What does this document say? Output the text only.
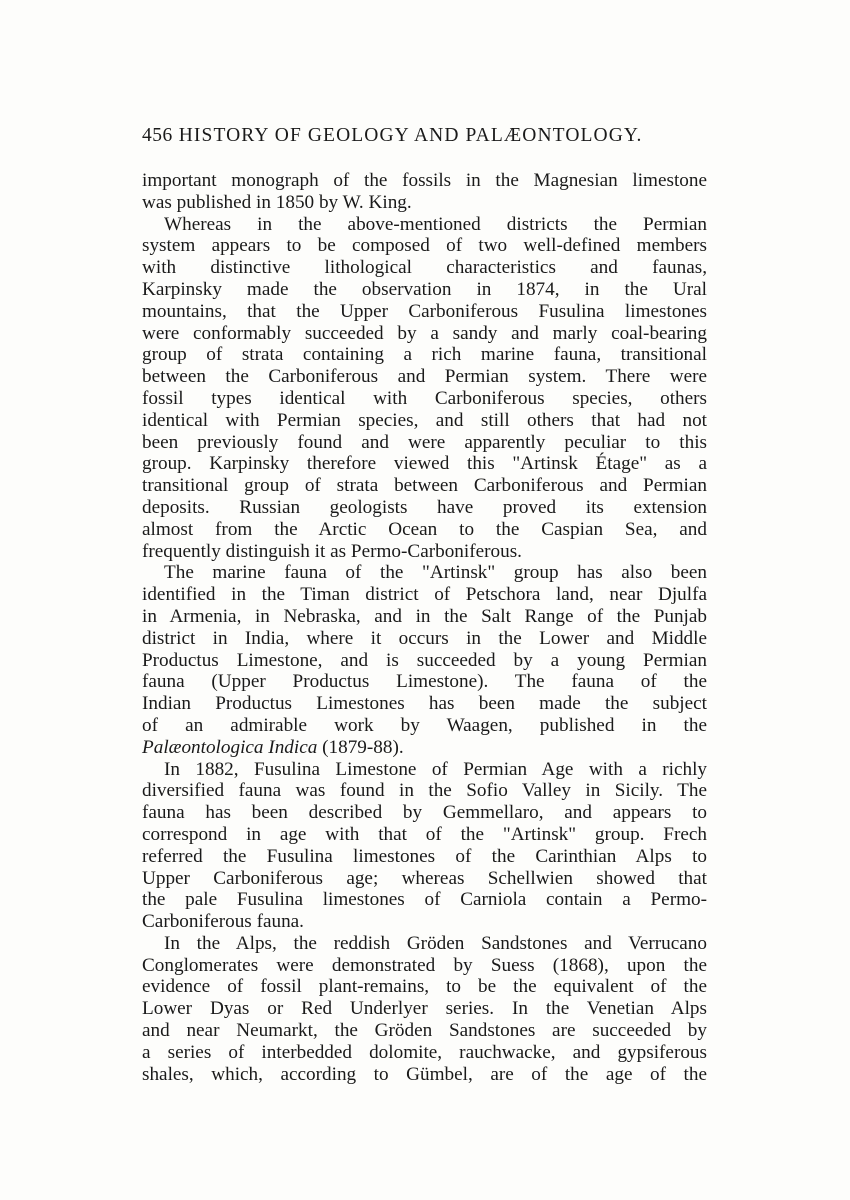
456 HISTORY OF GEOLOGY AND PALÆONTOLOGY.
important monograph of the fossils in the Magnesian limestone
was published in 1850 by W. King.
Whereas in the above-mentioned districts the Permian
system appears to be composed of two well-defined members
with distinctive lithological characteristics and faunas,
Karpinsky made the observation in 1874, in the Ural
mountains, that the Upper Carboniferous Fusulina limestones
were conformably succeeded by a sandy and marly coal-bearing
group of strata containing a rich marine fauna, transitional
between the Carboniferous and Permian system. There were
fossil types identical with Carboniferous species, others
identical with Permian species, and still others that had not
been previously found and were apparently peculiar to this
group. Karpinsky therefore viewed this "Artinsk Étage" as a
transitional group of strata between Carboniferous and Permian
deposits. Russian geologists have proved its extension
almost from the Arctic Ocean to the Caspian Sea, and
frequently distinguish it as Permo-Carboniferous.
The marine fauna of the "Artinsk" group has also been
identified in the Timan district of Petschora land, near Djulfa
in Armenia, in Nebraska, and in the Salt Range of the Punjab
district in India, where it occurs in the Lower and Middle
Productus Limestone, and is succeeded by a young Permian
fauna (Upper Productus Limestone). The fauna of the
Indian Productus Limestones has been made the subject
of an admirable work by Waagen, published in the
Palæontologica Indica (1879-88).
In 1882, Fusulina Limestone of Permian Age with a richly
diversified fauna was found in the Sofio Valley in Sicily. The
fauna has been described by Gemmellaro, and appears to
correspond in age with that of the "Artinsk" group. Frech
referred the Fusulina limestones of the Carinthian Alps to
Upper Carboniferous age; whereas Schellwien showed that
the pale Fusulina limestones of Carniola contain a Permo-
Carboniferous fauna.
In the Alps, the reddish Gröden Sandstones and Verrucano
Conglomerates were demonstrated by Suess (1868), upon the
evidence of fossil plant-remains, to be the equivalent of the
Lower Dyas or Red Underlyer series. In the Venetian Alps
and near Neumarkt, the Gröden Sandstones are succeeded by
a series of interbedded dolomite, rauchwacke, and gypsiferous
shales, which, according to Gümbel, are of the age of the
